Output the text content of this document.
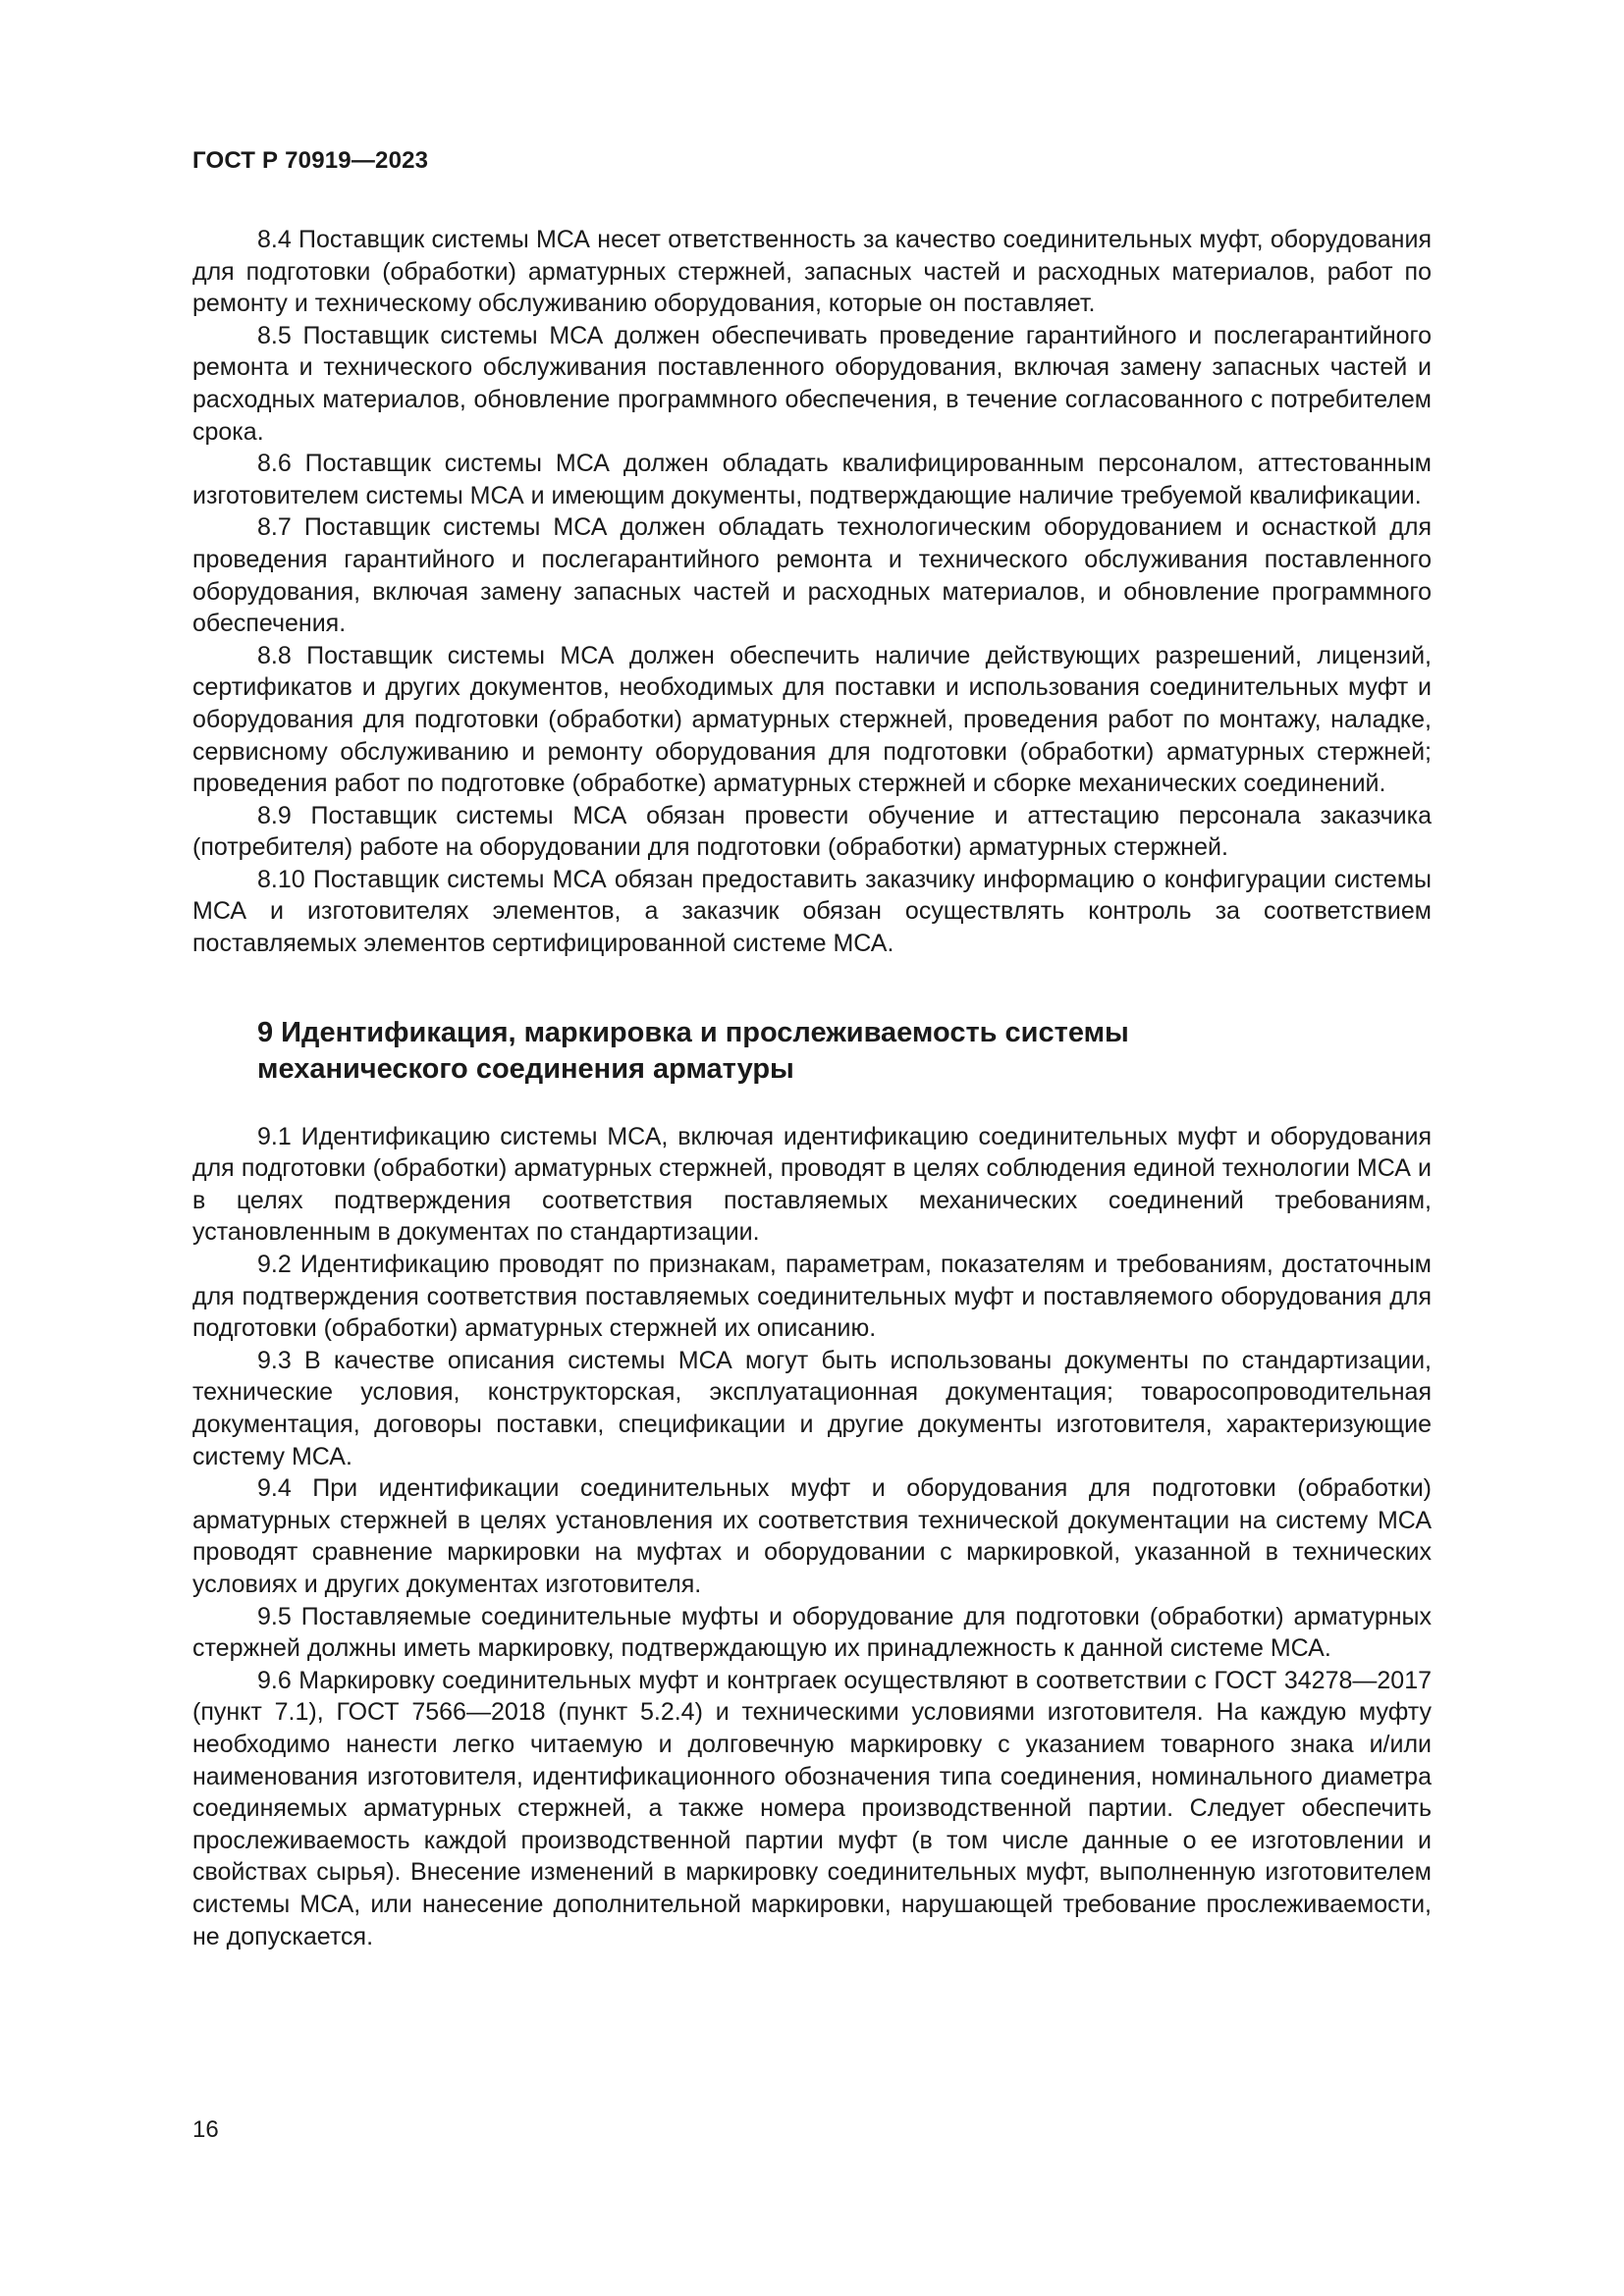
ГОСТ Р 70919—2023

8.4 Поставщик системы МСА несет ответственность за качество соединительных муфт, оборудования для подготовки (обработки) арматурных стержней, запасных частей и расходных материалов, работ по ремонту и техническому обслуживанию оборудования, которые он поставляет.

8.5 Поставщик системы МСА должен обеспечивать проведение гарантийного и послегарантийного ремонта и технического обслуживания поставленного оборудования, включая замену запасных частей и расходных материалов, обновление программного обеспечения, в течение согласованного с потребителем срока.

8.6 Поставщик системы МСА должен обладать квалифицированным персоналом, аттестованным изготовителем системы МСА и имеющим документы, подтверждающие наличие требуемой квалификации.

8.7 Поставщик системы МСА должен обладать технологическим оборудованием и оснасткой для проведения гарантийного и послегарантийного ремонта и технического обслуживания поставленного оборудования, включая замену запасных частей и расходных материалов, и обновление программного обеспечения.

8.8 Поставщик системы МСА должен обеспечить наличие действующих разрешений, лицензий, сертификатов и других документов, необходимых для поставки и использования соединительных муфт и оборудования для подготовки (обработки) арматурных стержней, проведения работ по монтажу, наладке, сервисному обслуживанию и ремонту оборудования для подготовки (обработки) арматурных стержней; проведения работ по подготовке (обработке) арматурных стержней и сборке механических соединений.

8.9 Поставщик системы МСА обязан провести обучение и аттестацию персонала заказчика (потребителя) работе на оборудовании для подготовки (обработки) арматурных стержней.

8.10 Поставщик системы МСА обязан предоставить заказчику информацию о конфигурации системы МСА и изготовителях элементов, а заказчик обязан осуществлять контроль за соответствием поставляемых элементов сертифицированной системе МСА.

9 Идентификация, маркировка и прослеживаемость системы механического соединения арматуры

9.1 Идентификацию системы МСА, включая идентификацию соединительных муфт и оборудования для подготовки (обработки) арматурных стержней, проводят в целях соблюдения единой технологии МСА и в целях подтверждения соответствия поставляемых механических соединений требованиям, установленным в документах по стандартизации.

9.2 Идентификацию проводят по признакам, параметрам, показателям и требованиям, достаточным для подтверждения соответствия поставляемых соединительных муфт и поставляемого оборудования для подготовки (обработки) арматурных стержней их описанию.

9.3 В качестве описания системы МСА могут быть использованы документы по стандартизации, технические условия, конструкторская, эксплуатационная документация; товаросопроводительная документация, договоры поставки, спецификации и другие документы изготовителя, характеризующие систему МСА.

9.4 При идентификации соединительных муфт и оборудования для подготовки (обработки) арматурных стержней в целях установления их соответствия технической документации на систему МСА проводят сравнение маркировки на муфтах и оборудовании с маркировкой, указанной в технических условиях и других документах изготовителя.

9.5 Поставляемые соединительные муфты и оборудование для подготовки (обработки) арматурных стержней должны иметь маркировку, подтверждающую их принадлежность к данной системе МСА.

9.6 Маркировку соединительных муфт и контргаек осуществляют в соответствии с ГОСТ 34278—2017 (пункт 7.1), ГОСТ 7566—2018 (пункт 5.2.4) и техническими условиями изготовителя. На каждую муфту необходимо нанести легко читаемую и долговечную маркировку с указанием товарного знака и/или наименования изготовителя, идентификационного обозначения типа соединения, номинального диаметра соединяемых арматурных стержней, а также номера производственной партии. Следует обеспечить прослеживаемость каждой производственной партии муфт (в том числе данные о ее изготовлении и свойствах сырья). Внесение изменений в маркировку соединительных муфт, выполненную изготовителем системы МСА, или нанесение дополнительной маркировки, нарушающей требование прослеживаемости, не допускается.

16
